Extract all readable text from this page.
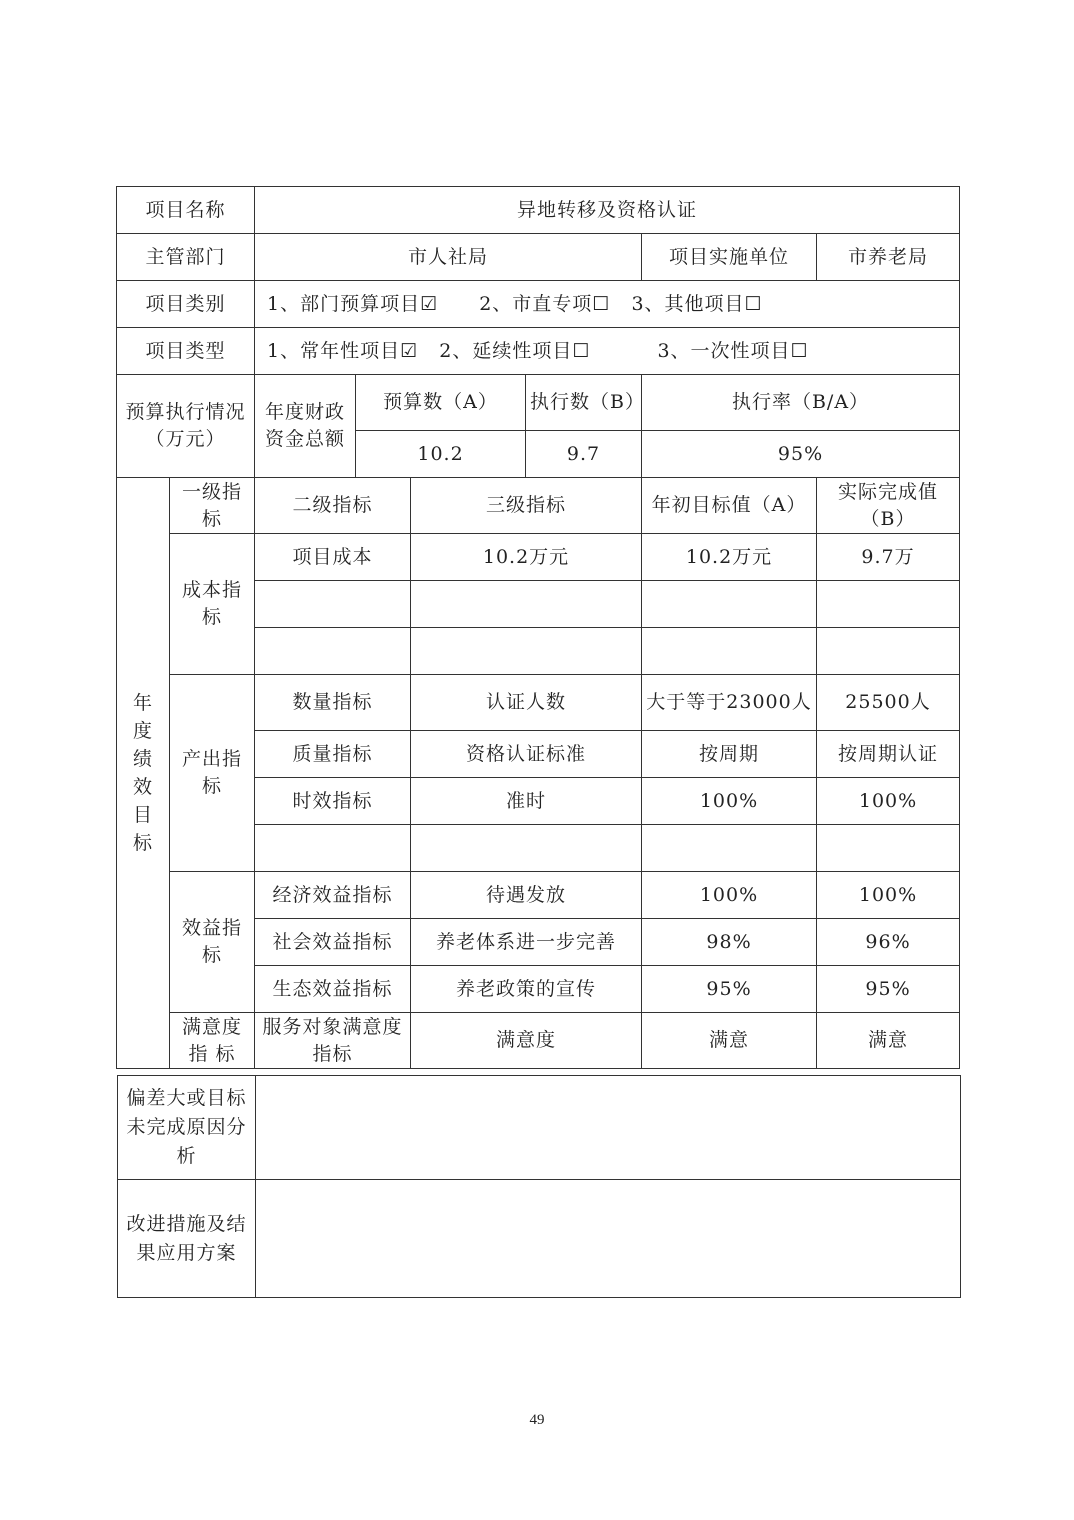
项目名称		异地转移及资格认证					
主管部门		市人社局				项目实施单位	市养老局
项目类别		1、部门预算项目☑ 2、市直专项☐ 3、其他项目☐					
项目类型		1、常年性项目☑ 2、延续性项目☐ 3、一次性项目☐					
预算执行情况（万元）		年度财政资金总额	预算数（A）		执行数（B）	执行率（B/A）	
			10.2		9.7	95%	

年度绩效目标	一级指标	二级指标		三级指标		年初目标值（A）	实际完成值（B）
	成本指标	项目成本		10.2万元		10.2万元	9.7万

	产出指标	数量指标		认证人数		大于等于23000人	25500人
		质量指标		资格认证标准		按周期	按周期认证
		时效指标		准时		100%	100%

	效益指标	经济效益指标		待遇发放		100%	100%
		社会效益指标		养老体系进一步完善		98%	96%
		生态效益指标		养老政策的宣传		95%	95%
	满意度指 标	服务对象满意度指标		满意度		满意	满意
偏差大或目标未完成原因分析	
改进措施及结果应用方案	
49
